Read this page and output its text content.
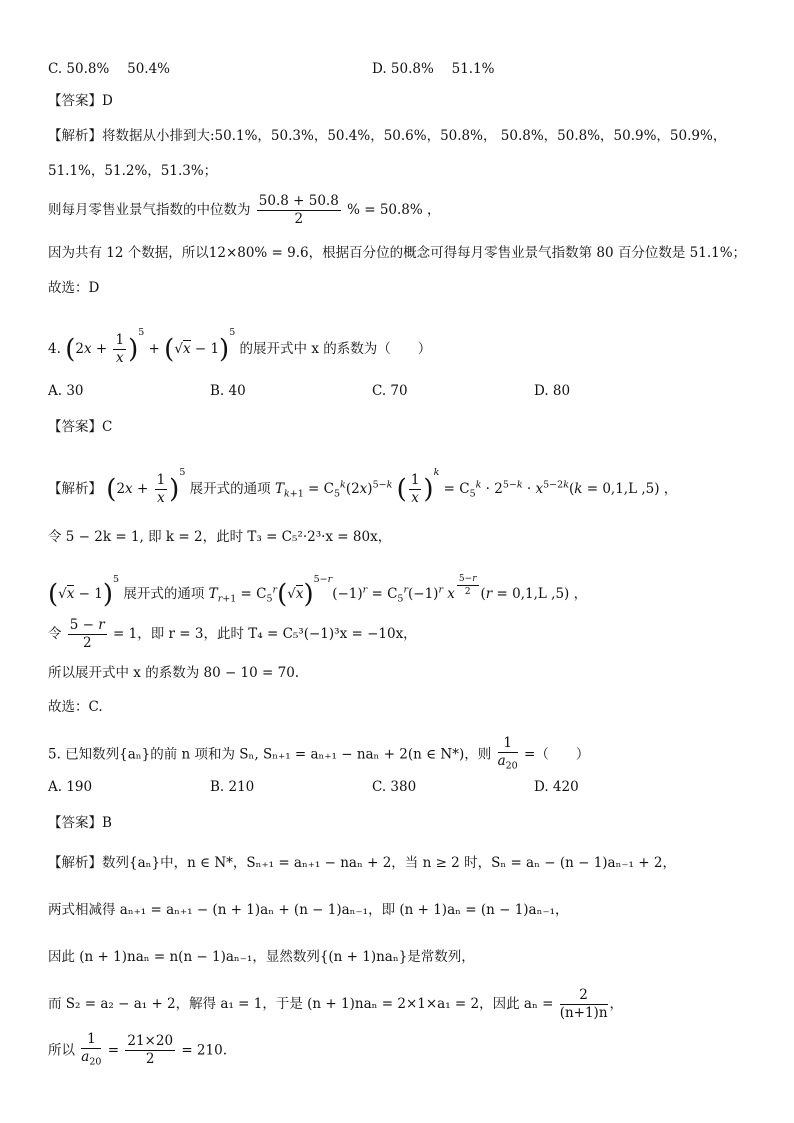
C. 50.8%　 50.4%	D. 50.8%　 51.1%
【答案】D
【解析】将数据从小排到大:50.1%，50.3%，50.4%，50.6%，50.8%， 50.8%，50.8%，50.9%，50.9%，
51.1%，51.2%，51.3%；
则每月零售业景气指数的中位数为 $\frac{50.8 + 50.8}{2}$ % = 50.8% ，
因为共有 12 个数据，所以12×80% = 9.6，根据百分位的概念可得每月零售业景气指数第 80 百分位数是 51.1%；
故选：D
4. $(2x + \frac{1}{x} )^5 + (√x - 1)^5$ 的展开式中 x 的系数为（　　）
A. 30	B. 40	C. 70	D. 80
【答案】C
【解析】 $(2x + \frac{1}{x} )^5$ 展开式的通项 $T_{k+1} = C_5^k(2x)^{5-k}$ ( $\frac{1}{x} )^k = C_5^k \cdot 2^{5-k} \cdot x^{5-2k}(k = 0,1,L$ ,5) ，
令 5 − 2k = 1, 即 k = 2，此时 T₃ = C₅²·2³·x = 80x，
$(√x - 1)^5$ 展开式的通项 $T_{r+1} = C_5^r(√x)^{5-r}(-1)^r = C_5^r(-1)^r$ x $^{\frac{5-r}{2}}$ (r = 0,1,L ,5) ，
令 $\frac{5 - r}{2} = 1$，即 r = 3，此时 T₄ = C₅³(−1)³x = −10x，
所以展开式中 x 的系数为 80 − 10 = 70.
故选：C.
5. 已知数列{aₙ}的前 n 项和为 Sₙ, Sₙ₊₁ = aₙ₊₁ − naₙ + 2(n ∈ N*)，则 $\frac{1}{a_{20}}$ =（　　）
A. 190	B. 210	C. 380	D. 420
【答案】B
【解析】数列{aₙ}中，n ∈ N*，Sₙ₊₁ = aₙ₊₁ − naₙ + 2，当 n ≥ 2 时，Sₙ = aₙ − (n − 1)aₙ₋₁ + 2，
两式相减得 aₙ₊₁ = aₙ₊₁ − (n + 1)aₙ + (n − 1)aₙ₋₁，即 (n + 1)aₙ = (n − 1)aₙ₋₁，
因此 (n + 1)naₙ = n(n − 1)aₙ₋₁，显然数列{(n + 1)naₙ}是常数列，
而 S₂ = a₂ − a₁ + 2，解得 a₁ = 1，于是 (n + 1)naₙ = 2×1×a₁ = 2，因此 $a_n = \frac{2}{(n+1)n}$ ，
所以 $\frac{1}{a_{20}} = \frac{21\times 20}{2} = 210$.
